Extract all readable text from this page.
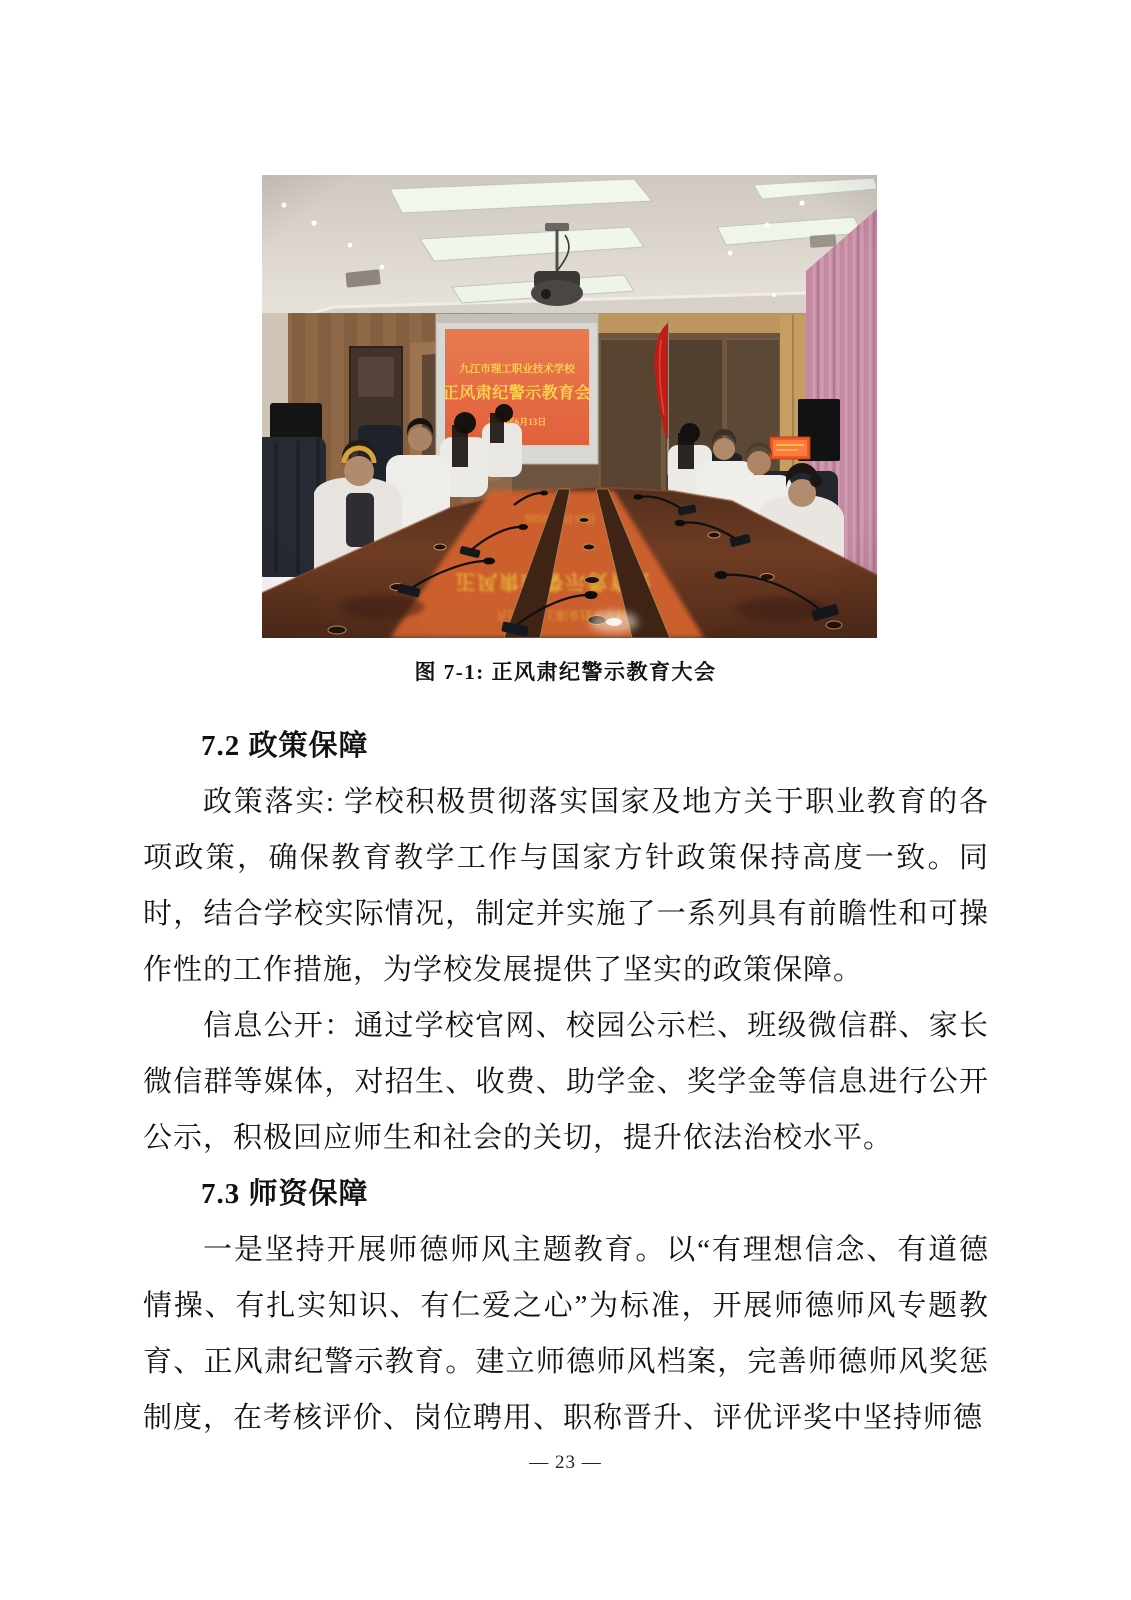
图 7-1: 正风肃纪警示教育大会
7.2 政策保障

政策落实: 学校积极贯彻落实国家及地方关于职业教育的各项政策，确保教育教学工作与国家方针政策保持高度一致。同时，结合学校实际情况，制定并实施了一系列具有前瞻性和可操作性的工作措施，为学校发展提供了坚实的政策保障。

信息公开：通过学校官网、校园公示栏、班级微信群、家长微信群等媒体，对招生、收费、助学金、奖学金等信息进行公开公示，积极回应师生和社会的关切，提升依法治校水平。

7.3 师资保障

一是坚持开展师德师风主题教育。以“有理想信念、有道德情操、有扎实知识、有仁爱之心”为标准，开展师德师风专题教育、正风肃纪警示教育。建立师德师风档案，完善师德师风奖惩制度，在考核评价、岗位聘用、职称晋升、评优评奖中坚持师德

— 23 —
